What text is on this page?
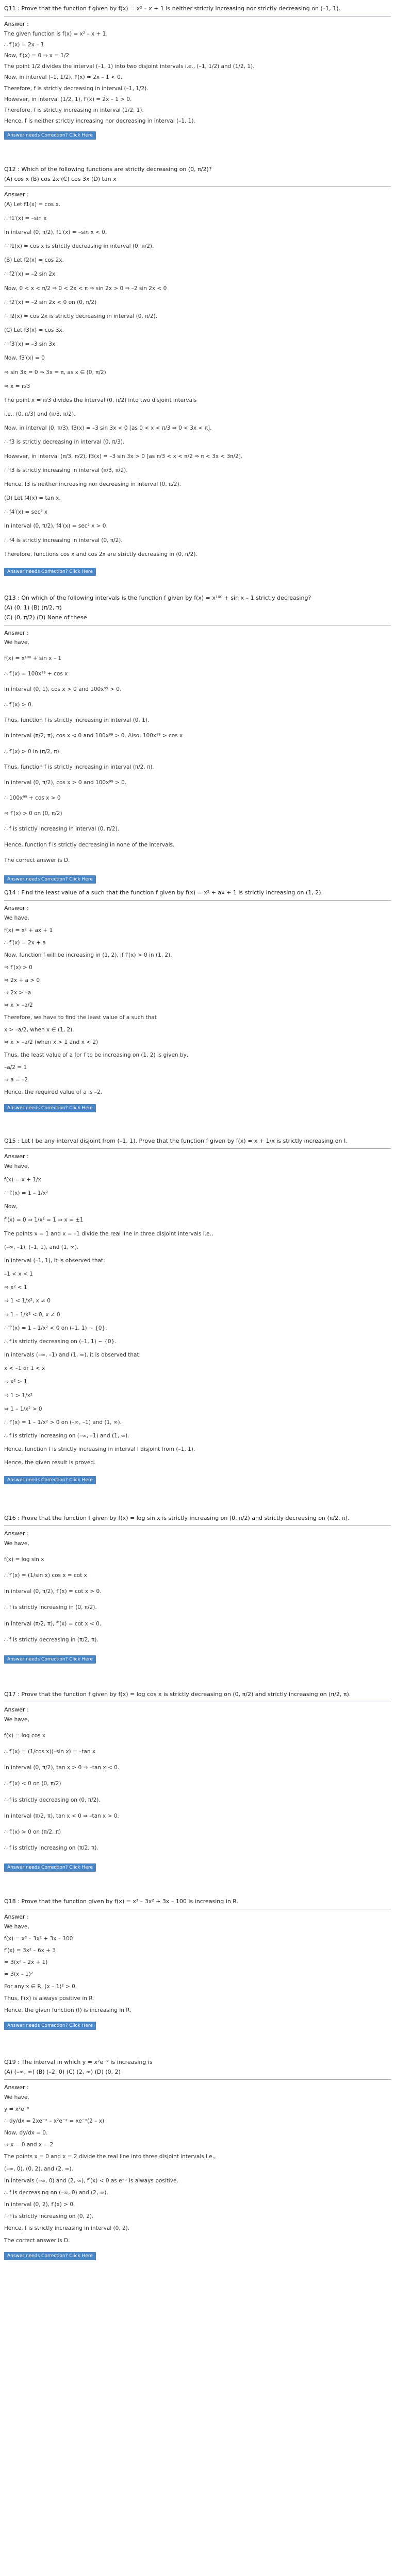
Q11 : Prove that the function f given by f(x) = x² – x + 1 is neither strictly increasing nor strictly decreasing on (–1, 1).
Answer :
The given function is f(x) = x² – x + 1.
∴ f′(x) = 2x – 1
Now, f′(x) = 0 ⇒ x = 1/2
The point 1/2 divides the interval (–1, 1) into two disjoint intervals i.e., (–1, 1/2) and (1/2, 1).
Now, in interval (–1, 1/2), f′(x) = 2x – 1 < 0.
Therefore, f is strictly decreasing in interval (–1, 1/2).
However, in interval (1/2, 1), f′(x) = 2x – 1 > 0.
Therefore, f is strictly increasing in interval (1/2, 1).
Hence, f is neither strictly increasing nor decreasing in interval (–1, 1).
Answer needs Correction? Click Here
Q12 : Which of the following functions are strictly decreasing on (0, π/2)?
(A) cos x (B) cos 2x (C) cos 3x (D) tan x
Answer :
(A) Let f1(x) = cos x.
∴ f1′(x) = –sin x
In interval (0, π/2), f1′(x) = –sin x < 0.
∴ f1(x) = cos x is strictly decreasing in interval (0, π/2).
(B) Let f2(x) = cos 2x.
∴ f2′(x) = –2 sin 2x
Now, 0 < x < π/2 ⇒ 0 < 2x < π ⇒ sin 2x > 0 ⇒ –2 sin 2x < 0
∴ f2′(x) = –2 sin 2x < 0 on (0, π/2)
∴ f2(x) = cos 2x is strictly decreasing in interval (0, π/2).
(C) Let f3(x) = cos 3x.
∴ f3′(x) = –3 sin 3x
Now, f3′(x) = 0
⇒ sin 3x = 0 ⇒ 3x = π, as x ∈ (0, π/2)
⇒ x = π/3
The point x = π/3 divides the interval (0, π/2) into two disjoint intervals
i.e., (0, π/3) and (π/3, π/2).
Now, in interval (0, π/3), f3(x) = –3 sin 3x < 0 [as 0 < x < π/3 ⇒ 0 < 3x < π].
∴ f3 is strictly decreasing in interval (0, π/3).
However, in interval (π/3, π/2), f3(x) = –3 sin 3x > 0 [as π/3 < x < π/2 ⇒ π < 3x < 3π/2].
∴ f3 is strictly increasing in interval (π/3, π/2).
Hence, f3 is neither increasing nor decreasing in interval (0, π/2).
(D) Let f4(x) = tan x.
∴ f4′(x) = sec² x
In interval (0, π/2), f4′(x) = sec² x > 0.
∴ f4 is strictly increasing in interval (0, π/2).
Therefore, functions cos x and cos 2x are strictly decreasing in (0, π/2).
Answer needs Correction? Click Here
Q13 : On which of the following intervals is the function f given by f(x) = x¹⁰⁰ + sin x – 1 strictly decreasing?
(A) (0, 1) (B) (π/2, π)
(C) (0, π/2) (D) None of these
Answer :
We have,
f(x) = x¹⁰⁰ + sin x – 1
∴ f′(x) = 100x⁹⁹ + cos x
In interval (0, 1), cos x > 0 and 100x⁹⁹ > 0.
∴ f′(x) > 0.
Thus, function f is strictly increasing in interval (0, 1).
In interval (π/2, π), cos x < 0 and 100x⁹⁹ > 0. Also, 100x⁹⁹ > cos x
∴ f′(x) > 0 in (π/2, π).
Thus, function f is strictly increasing in interval (π/2, π).
In interval (0, π/2), cos x > 0 and 100x⁹⁹ > 0.
∴ 100x⁹⁹ + cos x > 0
⇒ f′(x) > 0 on (0, π/2)
∴ f is strictly increasing in interval (0, π/2).
Hence, function f is strictly decreasing in none of the intervals.
The correct answer is D.
Answer needs Correction? Click Here
Q14 : Find the least value of a such that the function f given by f(x) = x² + ax + 1 is strictly increasing on (1, 2).
Answer :
We have,
f(x) = x² + ax + 1
∴ f′(x) = 2x + a
Now, function f will be increasing in (1, 2), if f′(x) > 0 in (1, 2).
⇒ f′(x) > 0
⇒ 2x + a > 0
⇒ 2x > –a
⇒ x > –a/2
Therefore, we have to find the least value of a such that
x > –a/2, when x ∈ (1, 2).
⇒ x > –a/2 (when x > 1 and x < 2)
Thus, the least value of a for f to be increasing on (1, 2) is given by,
–a/2 = 1
⇒ a = –2
Hence, the required value of a is –2.
Answer needs Correction? Click Here
Q15 : Let I be any interval disjoint from (–1, 1). Prove that the function f given by f(x) = x + 1/x is strictly increasing on I.
Answer :
We have,
f(x) = x + 1/x
∴ f′(x) = 1 – 1/x²
Now,
f′(x) = 0 ⇒ 1/x² = 1 ⇒ x = ±1
The points x = 1 and x = –1 divide the real line in three disjoint intervals i.e.,
(–∞, –1), (–1, 1), and (1, ∞).
In interval (–1, 1), it is observed that:
–1 < x < 1
⇒ x² < 1
⇒ 1 < 1/x², x ≠ 0
⇒ 1 – 1/x² < 0, x ≠ 0
∴ f′(x) = 1 – 1/x² < 0 on (–1, 1) ~ {0}.
∴ f is strictly decreasing on (–1, 1) ~ {0}.
In intervals (–∞, –1) and (1, ∞), it is observed that:
x < –1 or 1 < x
⇒ x² > 1
⇒ 1 > 1/x²
⇒ 1 – 1/x² > 0
∴ f′(x) = 1 – 1/x² > 0 on (–∞, –1) and (1, ∞).
∴ f is strictly increasing on (–∞, –1) and (1, ∞).
Hence, function f is strictly increasing in interval I disjoint from (–1, 1).
Hence, the given result is proved.
Answer needs Correction? Click Here
Q16 : Prove that the function f given by f(x) = log sin x is strictly increasing on (0, π/2) and strictly decreasing on (π/2, π).
Answer :
We have,
f(x) = log sin x
∴ f′(x) = (1/sin x) cos x = cot x
In interval (0, π/2), f′(x) = cot x > 0.
∴ f is strictly increasing in (0, π/2).
In interval (π/2, π), f′(x) = cot x < 0.
∴ f is strictly decreasing in (π/2, π).
Answer needs Correction? Click Here
Q17 : Prove that the function f given by f(x) = log cos x is strictly decreasing on (0, π/2) and strictly increasing on (π/2, π).
Answer :
We have,
f(x) = log cos x
∴ f′(x) = (1/cos x)(–sin x) = –tan x
In interval (0, π/2), tan x > 0 ⇒ –tan x < 0.
∴ f′(x) < 0 on (0, π/2)
∴ f is strictly decreasing on (0, π/2).
In interval (π/2, π), tan x < 0 ⇒ –tan x > 0.
∴ f′(x) > 0 on (π/2, π)
∴ f is strictly increasing on (π/2, π).
Answer needs Correction? Click Here
Q18 : Prove that the function given by f(x) = x³ – 3x² + 3x – 100 is increasing in R.
Answer :
We have,
f(x) = x³ – 3x² + 3x – 100
f′(x) = 3x² – 6x + 3
= 3(x² – 2x + 1)
= 3(x – 1)²
For any x ∈ R, (x – 1)² > 0.
Thus, f′(x) is always positive in R.
Hence, the given function (f) is increasing in R.
Answer needs Correction? Click Here
Q19 : The interval in which y = x²e⁻ˣ is increasing is
(A) (–∞, ∞) (B) (–2, 0) (C) (2, ∞) (D) (0, 2)
Answer :
We have,
y = x²e⁻ˣ
∴ dy/dx = 2xe⁻ˣ – x²e⁻ˣ = xe⁻ˣ(2 – x)
Now, dy/dx = 0.
⇒ x = 0 and x = 2
The points x = 0 and x = 2 divide the real line into three disjoint intervals i.e.,
(–∞, 0), (0, 2), and (2, ∞).
In intervals (–∞, 0) and (2, ∞), f′(x) < 0 as e⁻ˣ is always positive.
∴ f is decreasing on (–∞, 0) and (2, ∞).
In interval (0, 2), f′(x) > 0.
∴ f is strictly increasing on (0, 2).
Hence, f is strictly increasing in interval (0, 2).
The correct answer is D.
Answer needs Correction? Click Here
